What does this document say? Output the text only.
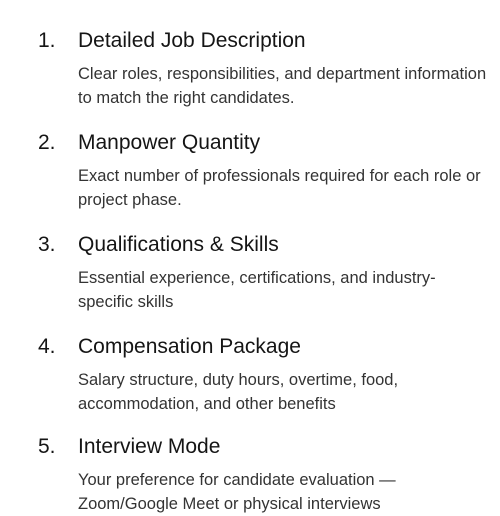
1. Detailed Job Description
Clear roles, responsibilities, and department information to match the right candidates.
2. Manpower Quantity
Exact number of professionals required for each role or project phase.
3. Qualifications & Skills
Essential experience, certifications, and industry-specific skills
4. Compensation Package
Salary structure, duty hours, overtime, food, accommodation, and other benefits
5. Interview Mode
Your preference for candidate evaluation — Zoom/Google Meet or physical interviews
